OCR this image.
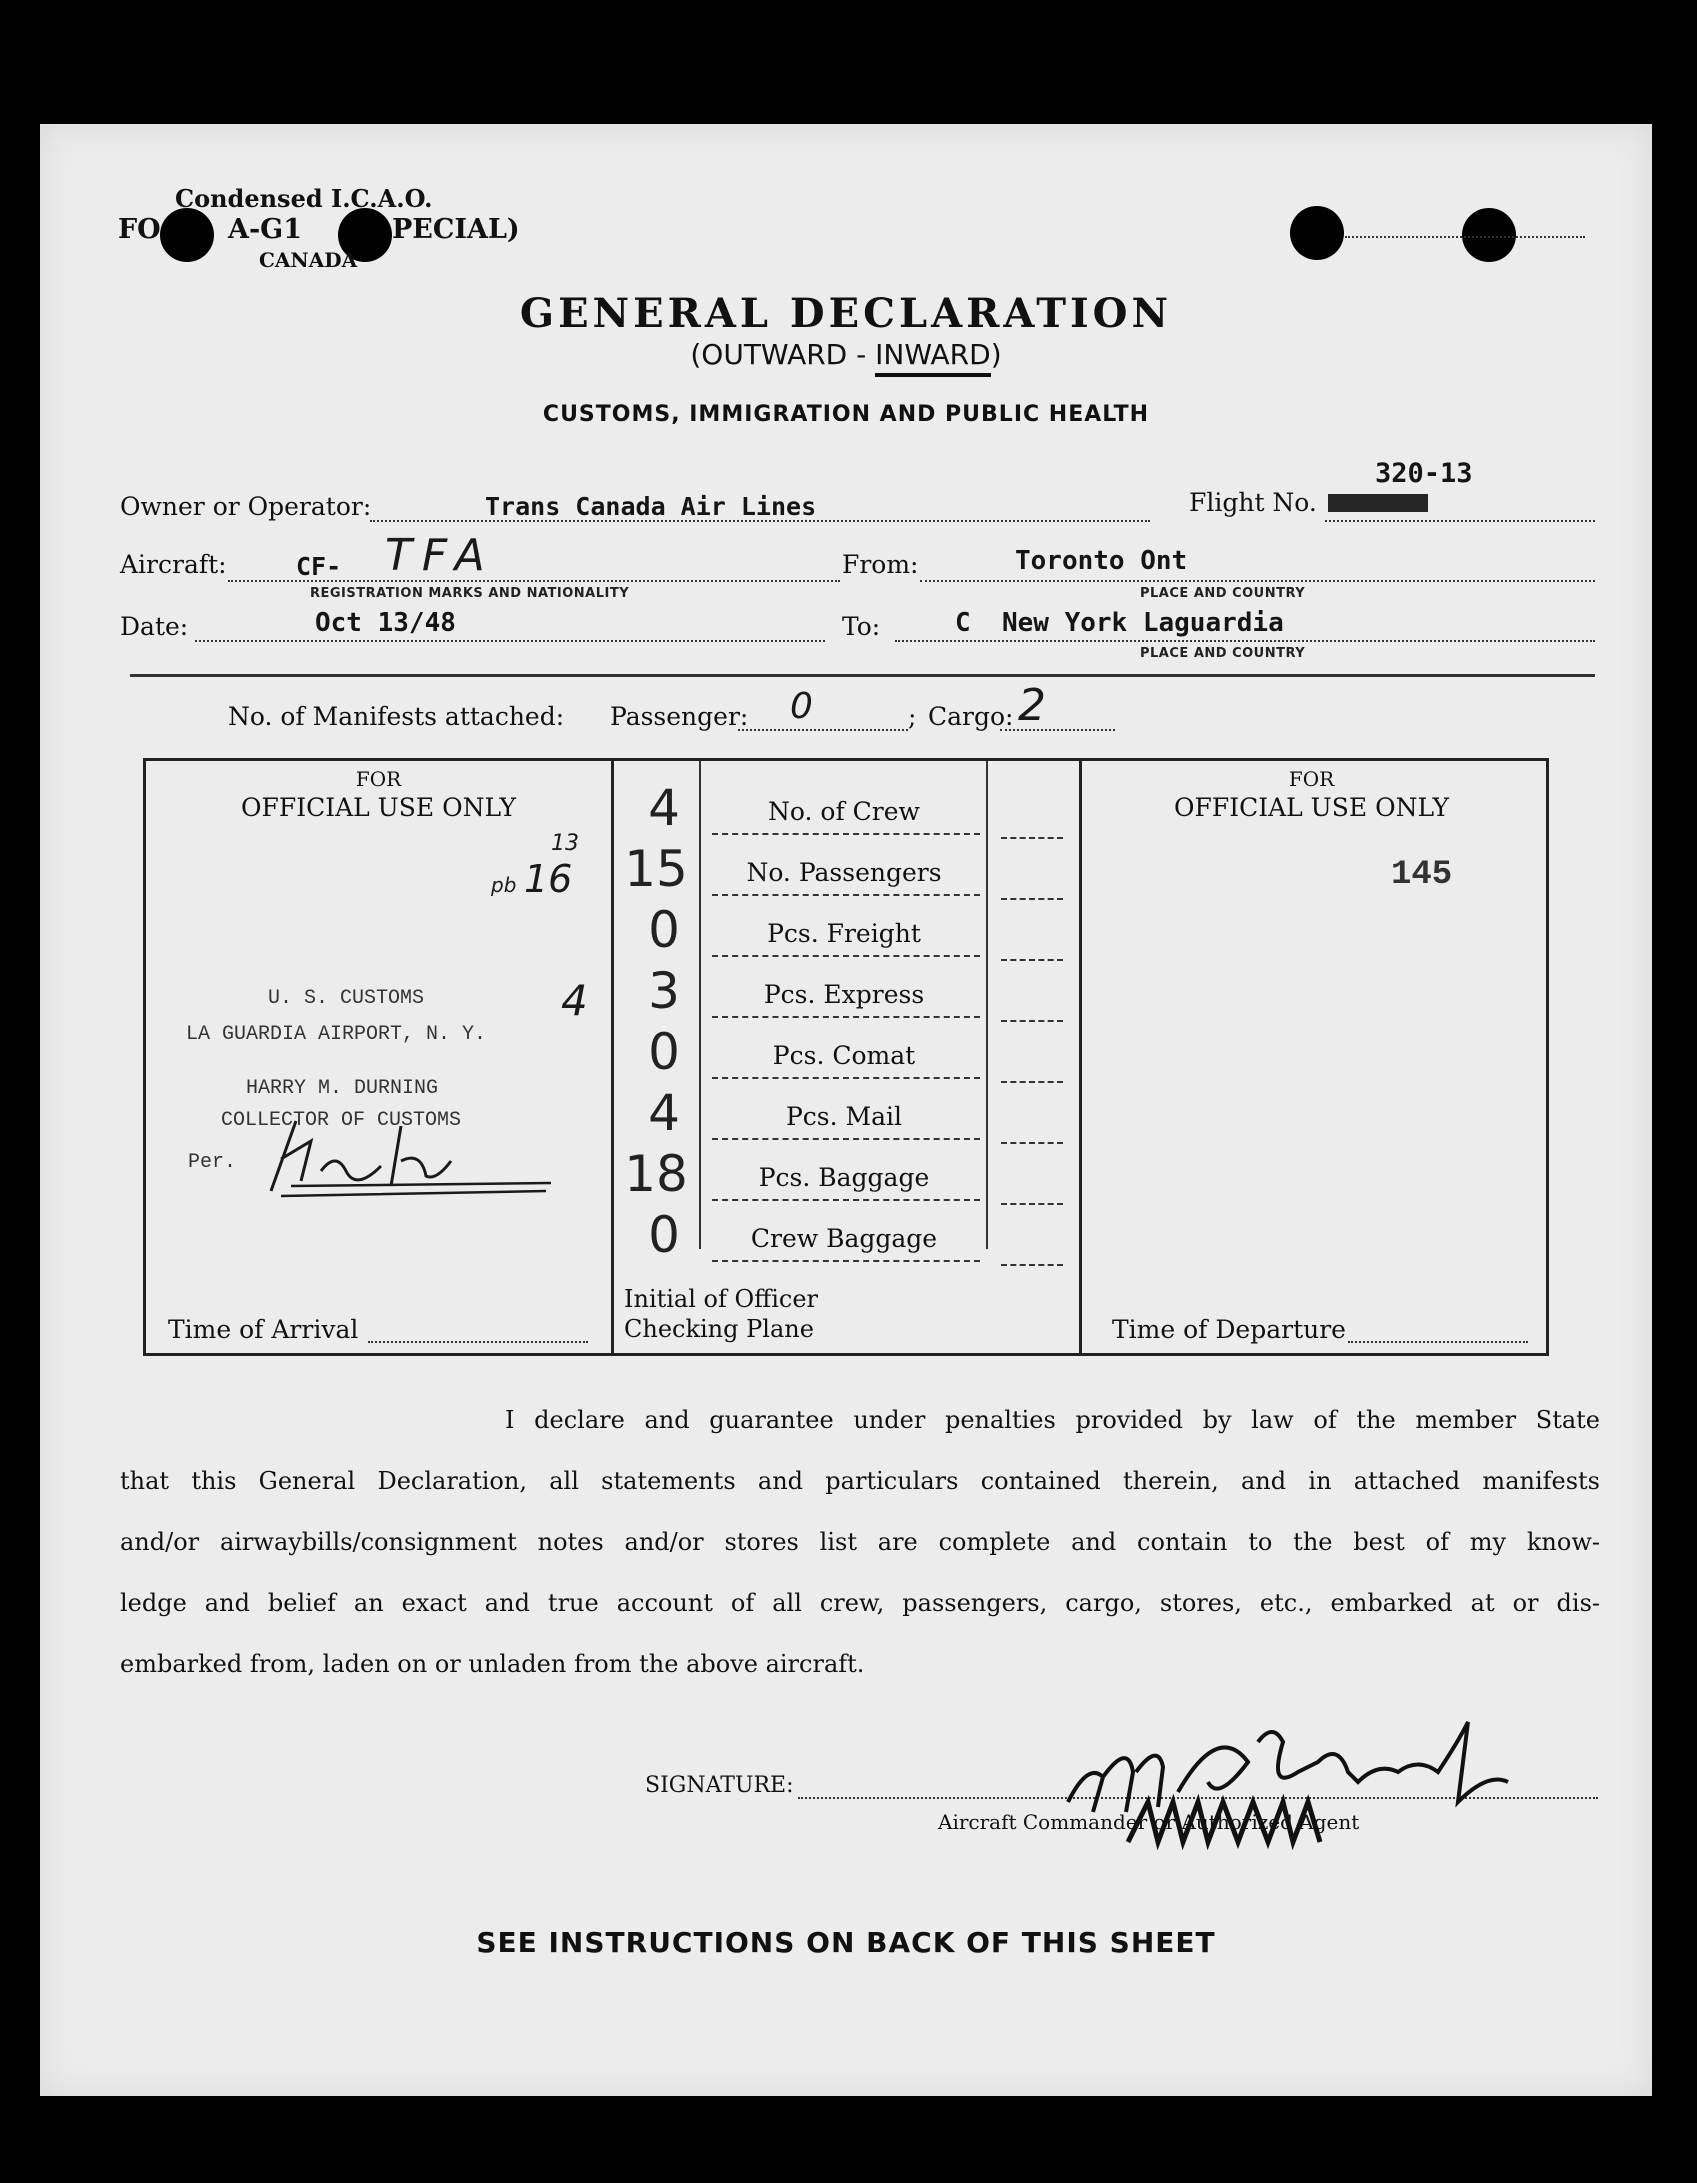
Condensed I.C.A.O.
FO A-G1	PECIAL)
CANADA
GENERAL DECLARATION
(OUTWARD - INWARD)
CUSTOMS, IMMIGRATION AND PUBLIC HEALTH
Owner or Operator:	Trans Canada Air Lines	Flight No.
320-13
Aircraft:	CF- TFA
REGISTRATION MARKS AND NATIONALITY
From:	Toronto Ont
PLACE AND COUNTRY
Date:	Oct 13/48	To:	C  New York Laguardia
PLACE AND COUNTRY
No. of Manifests attached: Passenger: 0	; Cargo: 2
FOR
OFFICIAL USE ONLY
FOR
OFFICIAL USE ONLY
145
4	No. of Crew
15	No. Passengers
0	Pcs. Freight
3	Pcs. Express
0	Pcs. Comat
4	Pcs. Mail
18	Pcs. Baggage
0	Crew Baggage
pb 16
13
4
U. S. CUSTOMS
LA GUARDIA AIRPORT, N. Y.
HARRY M. DURNING
COLLECTOR OF CUSTOMS
Per.
Initial of Officer
Checking Plane
Time of Arrival	Time of Departure
I declare and guarantee under penalties provided by law of the member State
that this General Declaration, all statements and particulars contained therein, and in attached manifests
and/or airwaybills/consignment notes and/or stores list are complete and contain to the best of my know-
ledge and belief an exact and true account of all crew, passengers, cargo, stores, etc., embarked at or dis-
embarked from, laden on or unladen from the above aircraft.
SIGNATURE:
Aircraft Commander or Authorized Agent
SEE INSTRUCTIONS ON BACK OF THIS SHEET
